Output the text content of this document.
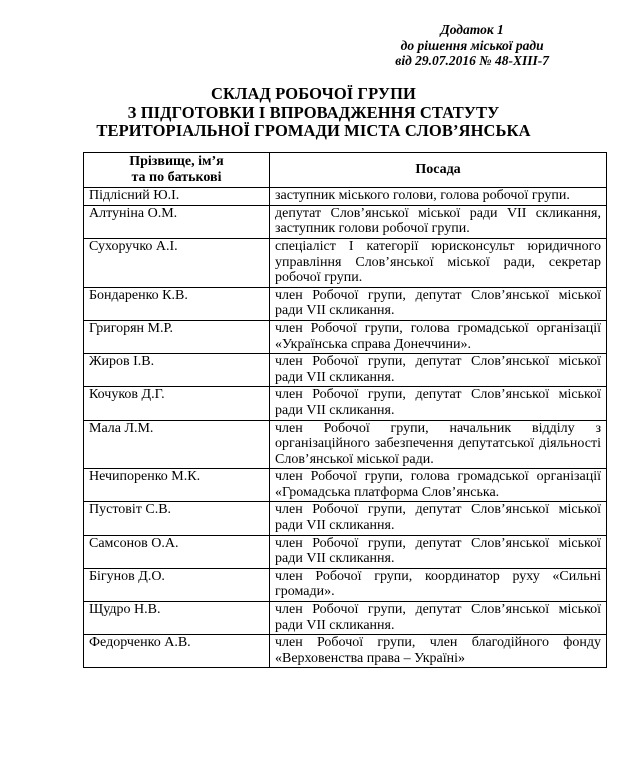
Додаток 1
до рішення міської ради
від 29.07.2016 № 48-ХІІІ-7
СКЛАД РОБОЧОЇ ГРУПИ
З ПІДГОТОВКИ І ВПРОВАДЖЕННЯ СТАТУТУ
ТЕРИТОРІАЛЬНОЇ ГРОМАДИ МІСТА СЛОВ’ЯНСЬКА
Прізвище, ім’я
та по батькові	Посада
Підлісний Ю.І.	заступник міського голови, голова робочої групи.
Алтуніна О.М.	депутат Слов’янської міської ради VII скликання, заступник голови робочої групи.
Сухоручко А.І.	спеціаліст І категорії юрисконсульт юридичного управління Слов’янської міської ради, секретар робочої групи.
Бондаренко К.В.	член Робочої групи, депутат Слов’янської міської ради VII скликання.
Григорян М.Р.	член Робочої групи, голова громадської організації «Українська справа Донеччини».
Жиров І.В.	член Робочої групи, депутат Слов’янської міської ради VII скликання.
Кочуков Д.Г.	член Робочої групи, депутат Слов’янської міської ради VII скликання.
Мала Л.М.	член Робочої групи, начальник відділу з організаційного забезпечення депутатської діяльності Слов’янської міської ради.
Нечипоренко М.К.	член Робочої групи, голова громадської організації «Громадська платформа Слов’янська.
Пустовіт С.В.	член Робочої групи, депутат Слов’янської міської ради VII скликання.
Самсонов О.А.	член Робочої групи, депутат Слов’янської міської ради VII скликання.
Бігунов Д.О.	член Робочої групи, координатор руху «Сильні громади».
Щудро Н.В.	член Робочої групи, депутат Слов’янської міської ради VII скликання.
Федорченко А.В.	член Робочої групи, член благодійного фонду «Верховенства права – Україні»
